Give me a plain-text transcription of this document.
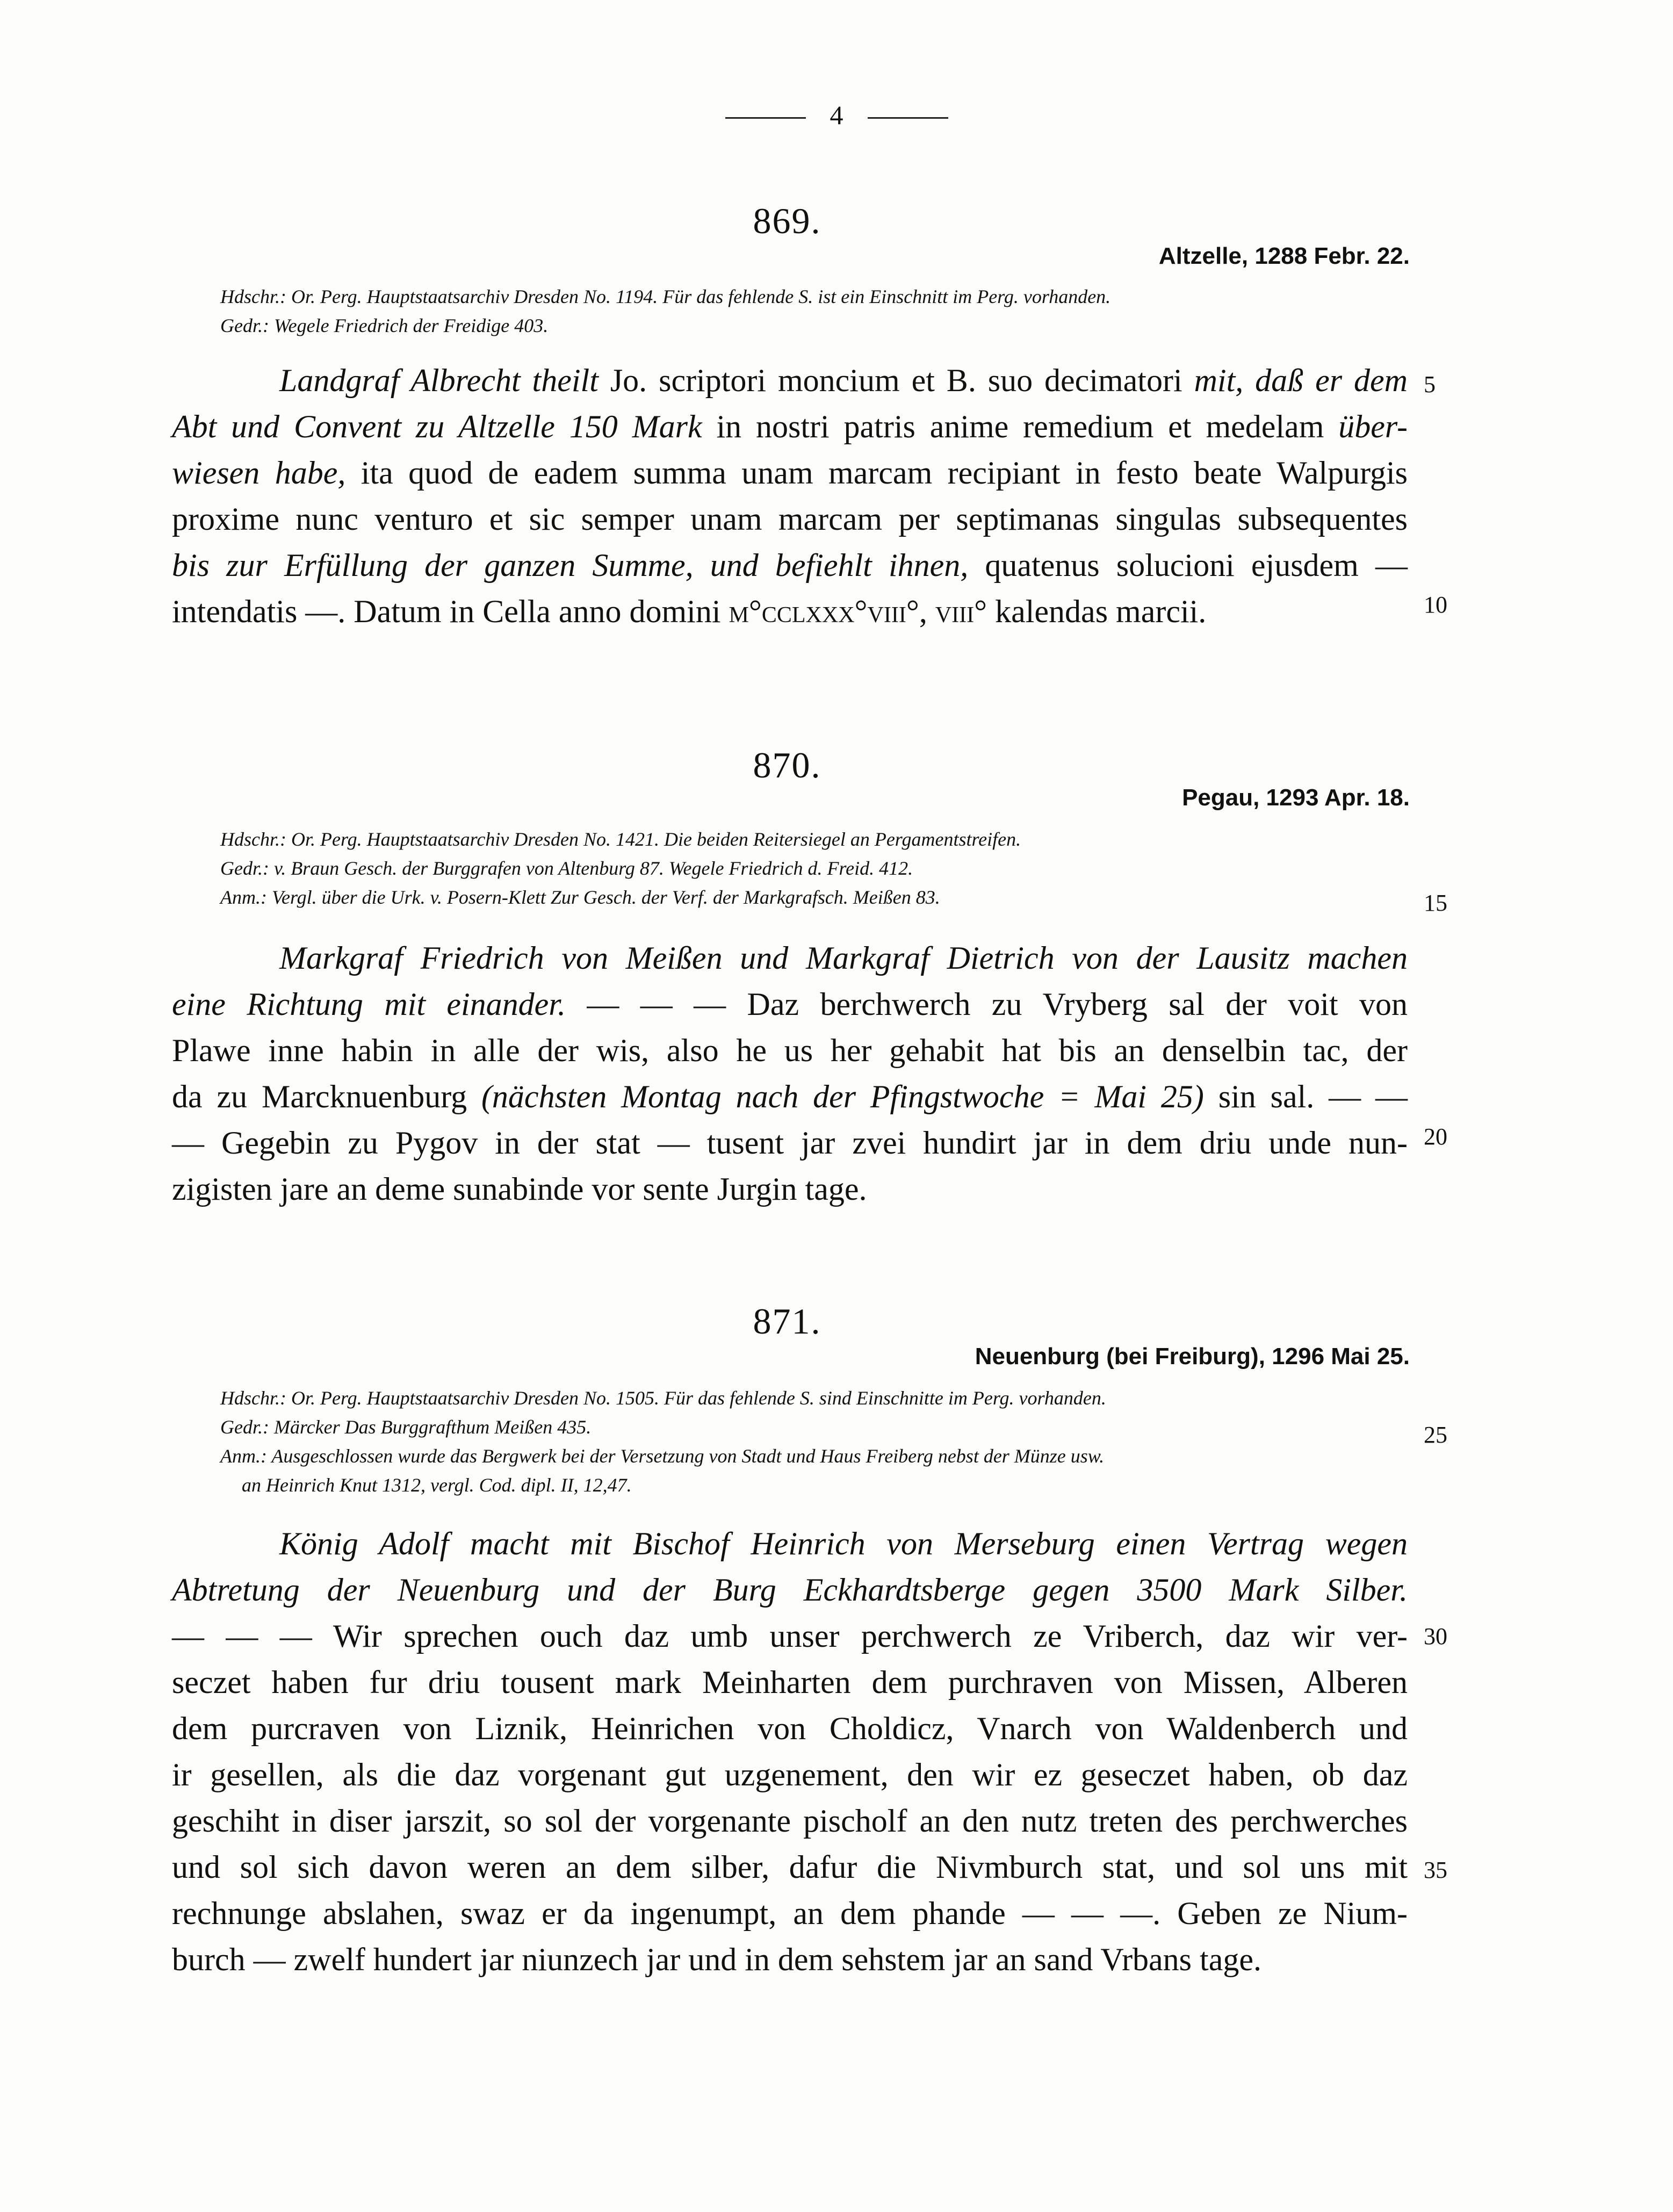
4
869.
Altzelle, 1288 Febr. 22.
Hdschr.: Or. Perg. Hauptstaatsarchiv Dresden No. 1194. Für das fehlende S. ist ein Einschnitt im Perg. vorhanden.
Gedr.: Wegele Friedrich der Freidige 403.
Landgraf Albrecht theilt Jo. scriptori moncium et B. suo decimatori mit, daß er dem
Abt und Convent zu Altzelle 150 Mark in nostri patris anime remedium et medelam über-
wiesen habe, ita quod de eadem summa unam marcam recipiant in festo beate Walpurgis
proxime nunc venturo et sic semper unam marcam per septimanas singulas subsequentes
bis zur Erfüllung der ganzen Summe, und befiehlt ihnen, quatenus solucioni ejusdem —
intendatis —. Datum in Cella anno domini m°cclxxx°viii°, viii° kalendas marcii.
870.
Pegau, 1293 Apr. 18.
Hdschr.: Or. Perg. Hauptstaatsarchiv Dresden No. 1421. Die beiden Reitersiegel an Pergamentstreifen.
Gedr.: v. Braun Gesch. der Burggrafen von Altenburg 87. Wegele Friedrich d. Freid. 412.
Anm.: Vergl. über die Urk. v. Posern-Klett Zur Gesch. der Verf. der Markgrafsch. Meißen 83.
Markgraf Friedrich von Meißen und Markgraf Dietrich von der Lausitz machen
eine Richtung mit einander. — — — Daz berchwerch zu Vryberg sal der voit von
Plawe inne habin in alle der wis, also he us her gehabit hat bis an denselbin tac, der
da zu Marcknuenburg (nächsten Montag nach der Pfingstwoche = Mai 25) sin sal. — —
— Gegebin zu Pygov in der stat — tusent jar zvei hundirt jar in dem driu unde nun-
zigisten jare an deme sunabinde vor sente Jurgin tage.
871.
Neuenburg (bei Freiburg), 1296 Mai 25.
Hdschr.: Or. Perg. Hauptstaatsarchiv Dresden No. 1505. Für das fehlende S. sind Einschnitte im Perg. vorhanden.
Gedr.: Märcker Das Burggrafthum Meißen 435.
Anm.: Ausgeschlossen wurde das Bergwerk bei der Versetzung von Stadt und Haus Freiberg nebst der Münze usw.
an Heinrich Knut 1312, vergl. Cod. dipl. II, 12,47.
König Adolf macht mit Bischof Heinrich von Merseburg einen Vertrag wegen
Abtretung der Neuenburg und der Burg Eckhardtsberge gegen 3500 Mark Silber.
— — — Wir sprechen ouch daz umb unser perchwerch ze Vriberch, daz wir ver-
seczet haben fur driu tousent mark Meinharten dem purchraven von Missen, Alberen
dem purcraven von Liznik, Heinrichen von Choldicz, Vnarch von Waldenberch und
ir gesellen, als die daz vorgenant gut uzgenement, den wir ez geseczet haben, ob daz
geschiht in diser jarszit, so sol der vorgenante pischolf an den nutz treten des perchwerches
und sol sich davon weren an dem silber, dafur die Nivmburch stat, und sol uns mit
rechnunge abslahen, swaz er da ingenumpt, an dem phande — — —. Geben ze Nium-
burch — zwelf hundert jar niunzech jar und in dem sehstem jar an sand Vrbans tage.
5
10
15
20
25
30
35
